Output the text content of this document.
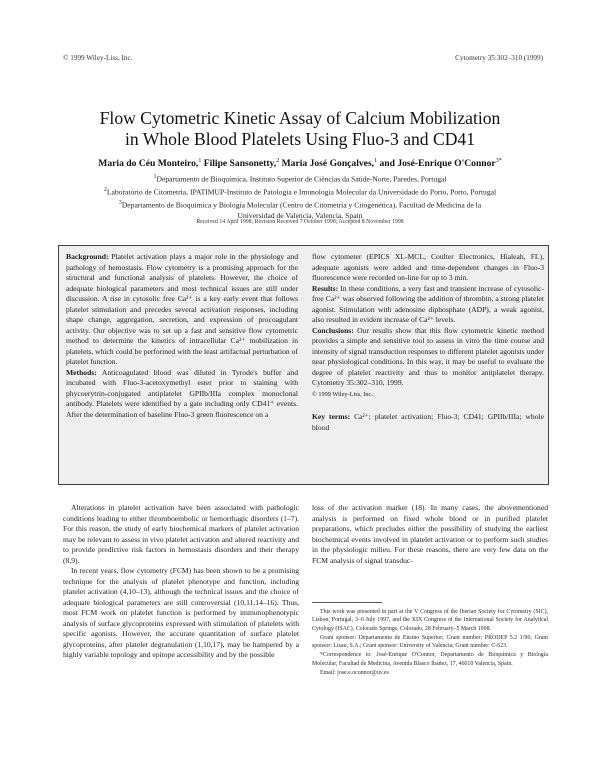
© 1999 Wiley-Liss, Inc.	Cytometry 35:302–310 (1999)
Flow Cytometric Kinetic Assay of Calcium Mobilization
in Whole Blood Platelets Using Fluo-3 and CD41
Maria do Céu Monteiro,$^1$ Filipe Sansonetty,$^2$ Maria José Gonçalves,$^1$ and José-Enrique O'Connor$^{3*}$
$^1$Departamento de Bioquímica, Instituto Superior de Ciências da Saúde-Norte, Paredes, Portugal
$^2$Laboratório de Citometria, IPATIMUP-Instituto de Patologia e Imunologia Molecular da Universidade do Porto, Porto, Portugal
$^3$Departamento de Bioquímica y Biología Molecular (Centro de Citometría y Citogenética), Facultad de Medicina de la
Universidad de Valencia, Valencia, Spain
Received 14 April 1998; Revision Received 7 October 1998; Accepted 8 November 1998

Background: Platelet activation plays a major role in the physiology and pathology of hemostasis. Flow cytometry is a promising approach for the structural and functional analysis of platelets. However, the choice of adequate biological parameters and most technical issues are still under discussion. A rise in cytosolic free Ca²⁺ is a key early event that follows platelet stimulation and precedes several activation responses, including shape change, aggregation, secretion, and expression of procoagulant activity. Our objective was to set up a fast and sensitive flow cytometric method to determine the kinetics of intracellular Ca²⁺ mobilization in platelets, which could be performed with the least artifactual perturbation of platelet function.

Methods: Anticoagulated blood was diluted in Tyrode's buffer and incubated with Fluo-3-acetoxymethyl ester prior to staining with phycoerytrin-conjugated antiplatelet GPIIb/IIIa complex monoclonal antibody. Platelets were identified by a gate including only CD41⁺ events. After the determination of baseline Fluo-3 green fluorescence on a

flow cytometer (EPICS XL-MCL, Coulter Electronics, Hialeah, FL), adequate agonists were added and time-dependent changes in Fluo-3 fluorescence were recorded on-line for up to 3 min.

Results: In these conditions, a very fast and transient increase of cytosolic-free Ca²⁺ was observed following the addition of thrombin, a strong platelet agonist. Stimulation with adenosine diphosphate (ADP), a weak agonist, also resulted in evident increase of Ca²⁺ levels.

Conclusions: Our results show that this flow cytometric kinetic method provides a simple and sensitive tool to assess in vitro the time course and intensity of signal transduction responses to different platelet agonists under near physiological conditions. In this way, it may be useful to evaluate the degree of platelet reactivity and thus to monitor antiplatelet therapy. Cytometry 35:302–310, 1999.

© 1999 Wiley-Liss, Inc.

Key terms: Ca²⁺; platelet activation; Fluo-3; CD41; GPIIb/IIIa; whole blood

Alterations in platelet activation have been associated with pathologic conditions leading to either thromboembolic or hemorrhagic disorders (1–7). For this reason, the study of early biochemical markers of platelet activation may be relevant to assess in vivo platelet activation and altered reactivity and to provide predictive risk factors in hemostasis disorders and their therapy (8,9).

In recent years, flow cytometry (FCM) has been shown to be a promising technique for the analysis of platelet phenotype and function, including platelet activation (4,10–13), although the technical issues and the choice of adequate biological parameters are still controversial (10,11,14–16). Thus, most FCM work on platelet function is performed by immunophenotypic analysis of surface glycoproteins expressed with stimulation of platelets with specific agonists. However, the accurate quantitation of surface platelet glycoproteins, after platelet degranulation (1,10,17), may be hampered by a highly variable topology and epitope accessibility and by the possible

loss of the activation marker (18). In many cases, the abovementioned analysis is performed on fixed whole blood or in purified platelet preparations, which precludes either the possibility of studying the earliest biochemical events involved in platelet activation or to perform such studies in the physiologic milieu. For these reasons, there are very few data on the FCM analysis of signal transduc-

This work was presented in part at the V Congress of the Iberian Society for Cytometry (SIC), Lisbon, Portugal, 3–6 July 1997, and the XIX Congress of the International Society for Analytical Cytology (ISAC), Colorado Springs, Colorado, 28 February–5 March 1998.

Grant sponsor: Departamento de Ensino Superior; Grant number: PRODEP 5.2 1/96; Grant sponsor: Lisau, S.A.; Grant sponsor: University of Valencia; Grant number: C-623.

*Correspondence to: José-Enrique O'Connor, Departamento de Bioquímica y Biología Molecular, Facultad de Medicina, Avenida Blasco Ibáñez, 17, 46010 Valencia, Spain.

Email: jose.e.oconnor@uv.es
